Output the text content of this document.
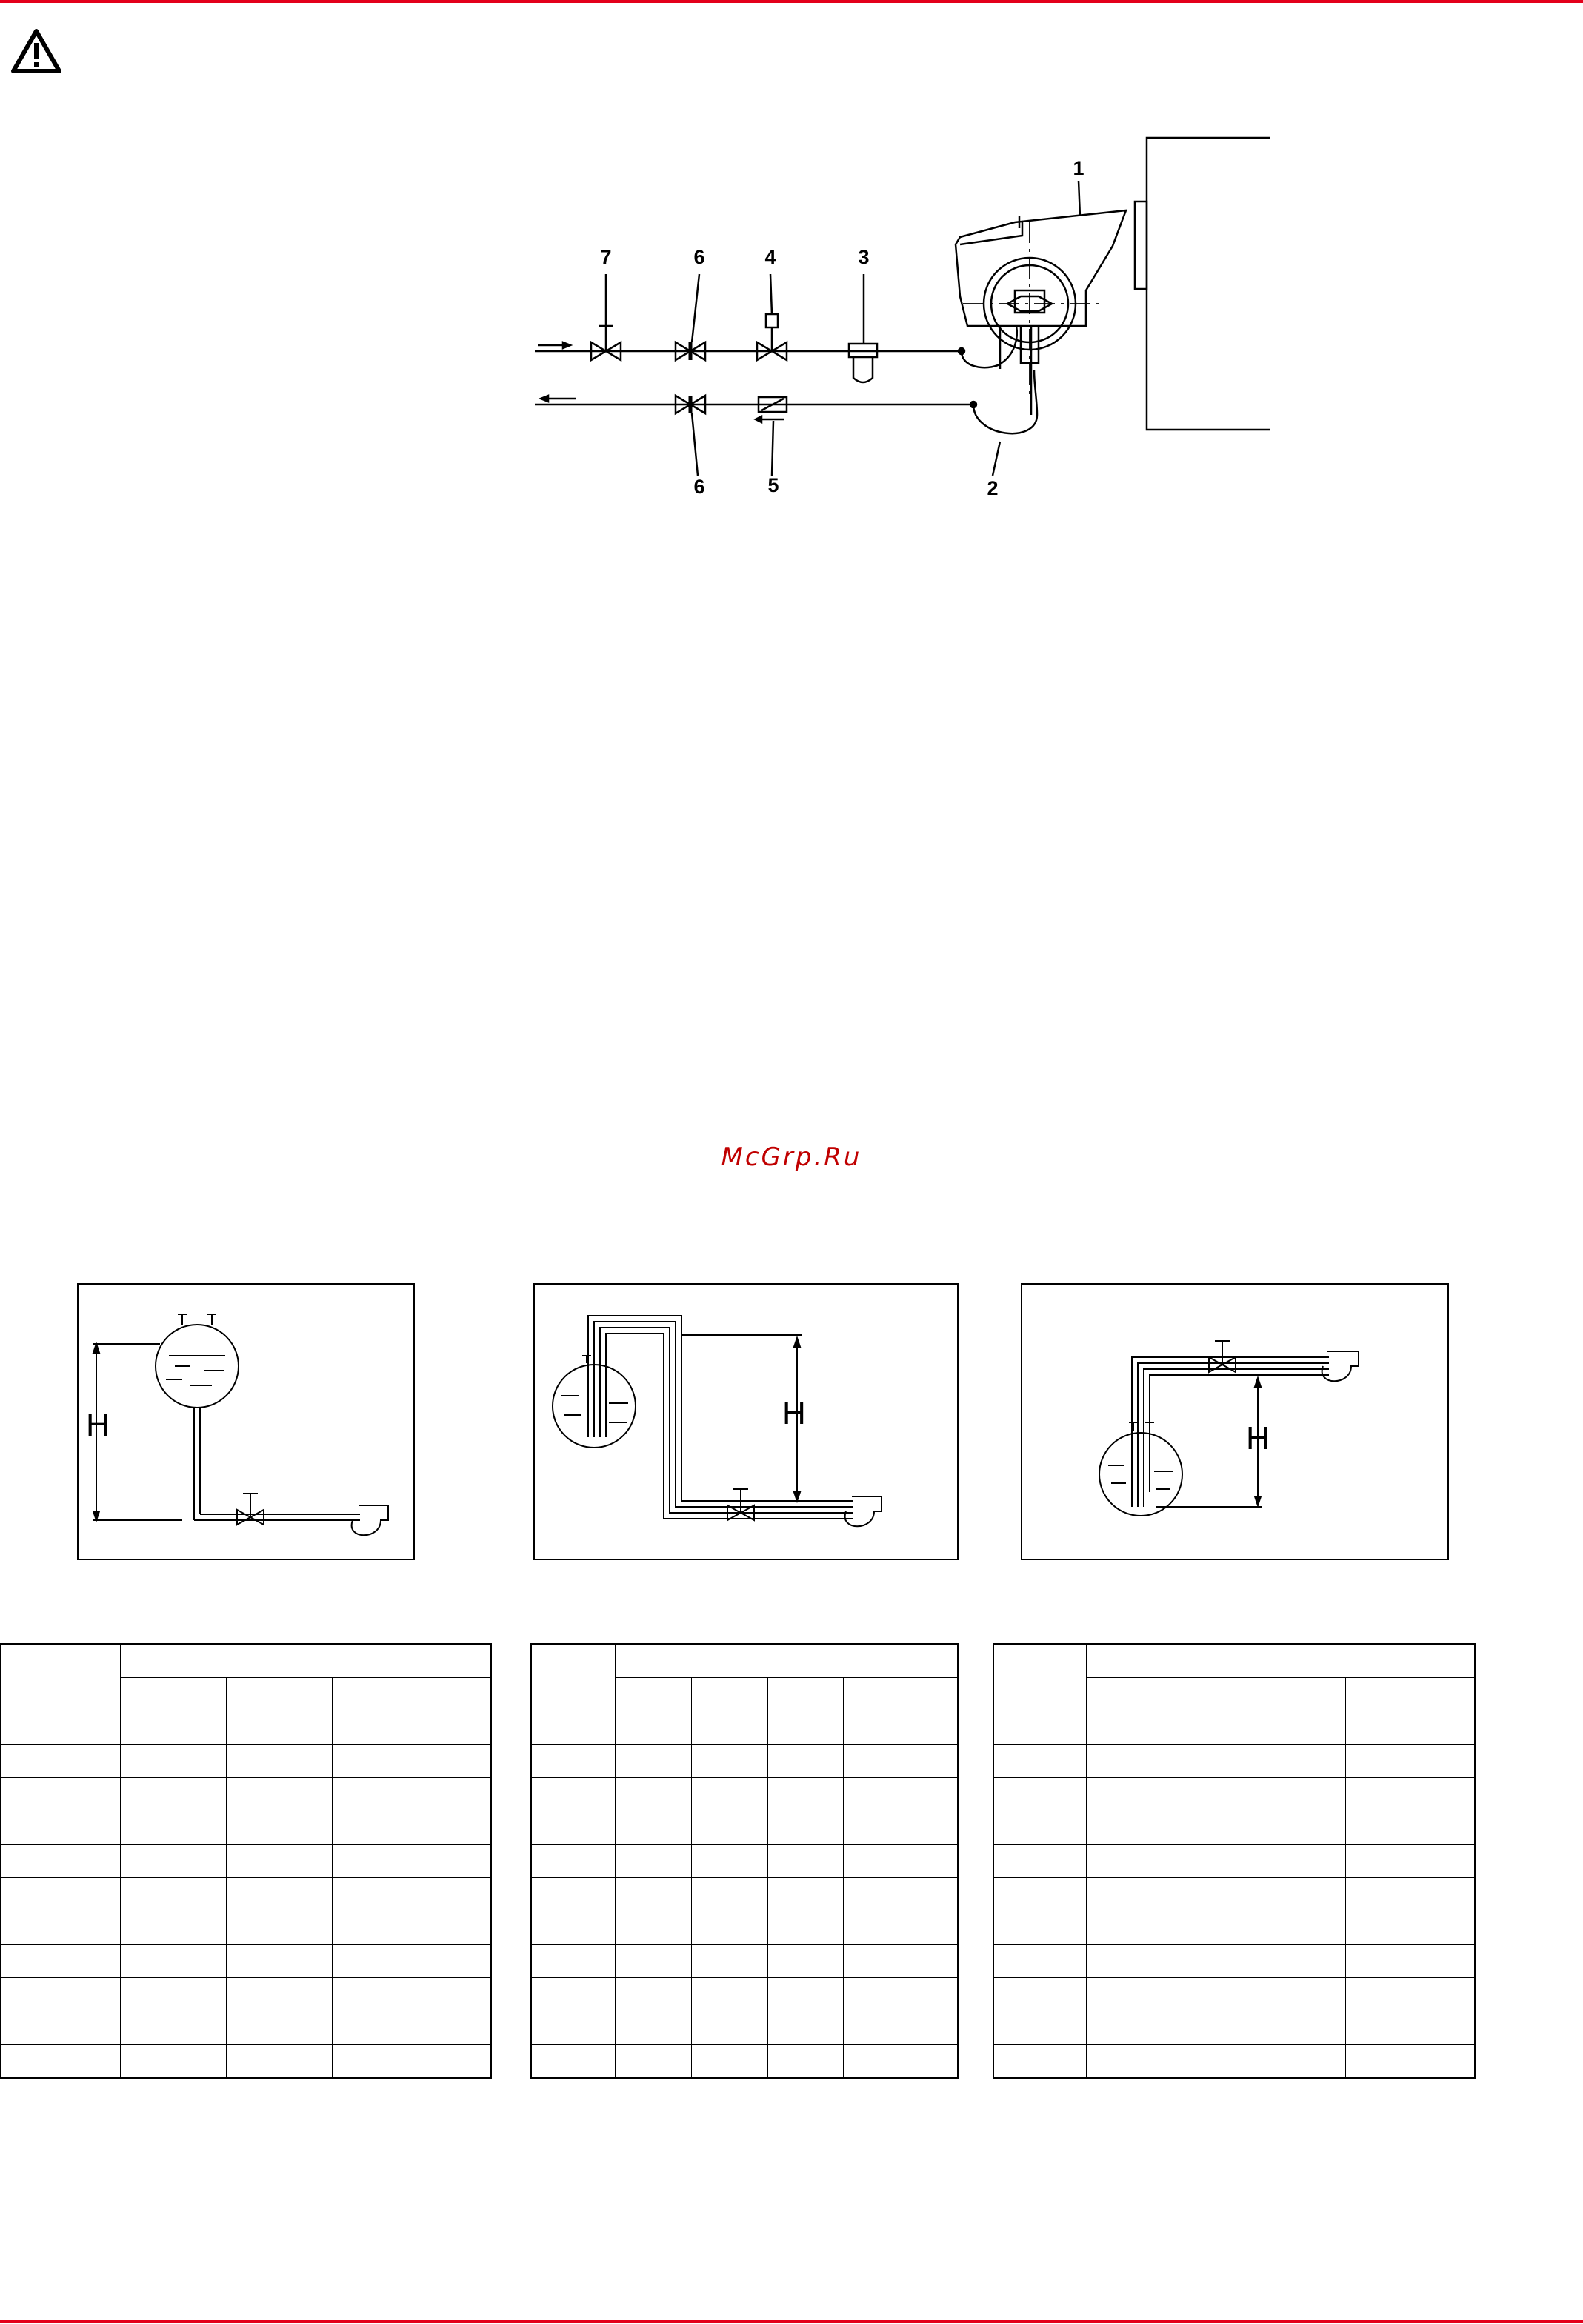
1
2
3
4
5
6
6
7
McGrp.Ru
H	H
H
